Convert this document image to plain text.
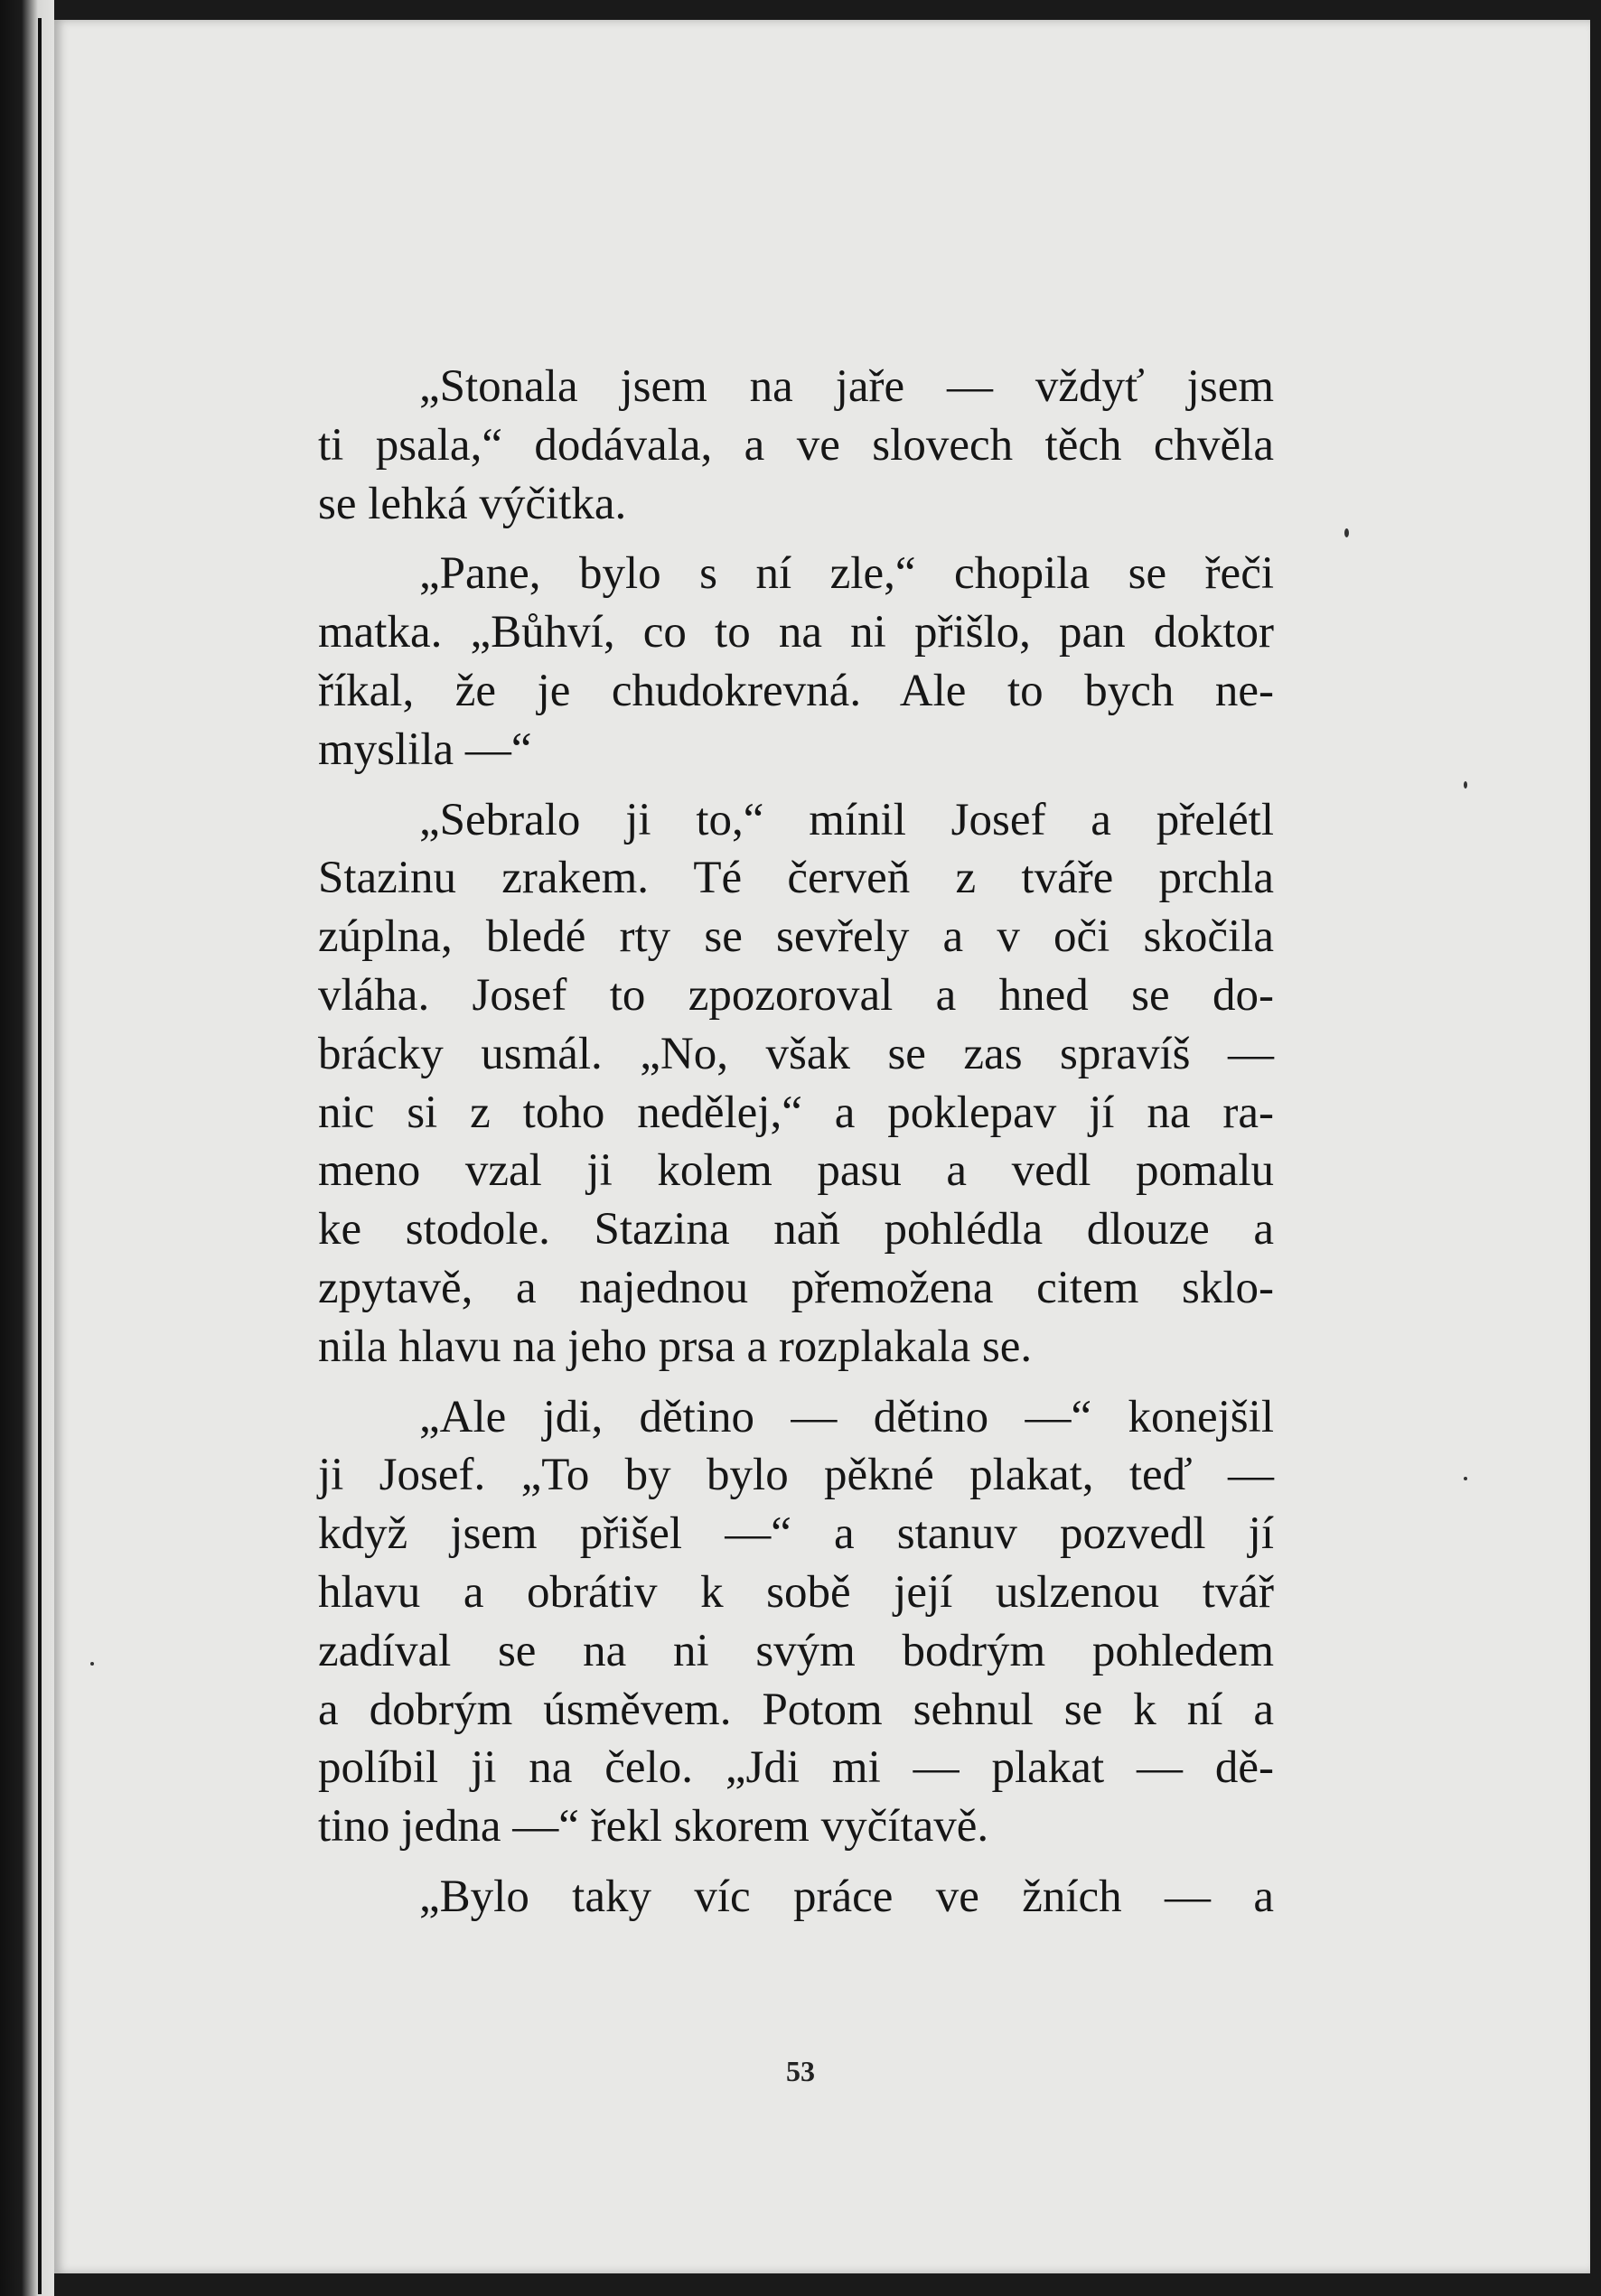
„Stonala jsem na jaře — vždyť jsem
ti psala,“ dodávala, a ve slovech těch chvěla
se lehká výčitka.
„Pane, bylo s ní zle,“ chopila se řeči
matka. „Bůhví, co to na ni přišlo, pan doktor
říkal, že je chudokrevná. Ale to bych ne-
myslila —“
„Sebralo ji to,“ mínil Josef a přelétl
Stazinu zrakem. Té červeň z tváře prchla
zúplna, bledé rty se sevřely a v oči skočila
vláha. Josef to zpozoroval a hned se do-
brácky usmál. „No, však se zas spravíš —
nic si z toho nedělej,“ a poklepav jí na ra-
meno vzal ji kolem pasu a vedl pomalu
ke stodole. Stazina naň pohlédla dlouze a
zpytavě, a najednou přemožena citem sklo-
nila hlavu na jeho prsa a rozplakala se.
„Ale jdi, dětino — dětino —“ konejšil
ji Josef. „To by bylo pěkné plakat, teď —
když jsem přišel —“ a stanuv pozvedl jí
hlavu a obrátiv k sobě její uslzenou tvář
zadíval se na ni svým bodrým pohledem
a dobrým úsměvem. Potom sehnul se k ní a
políbil ji na čelo. „Jdi mi — plakat — dě-
tino jedna —“ řekl skorem vyčítavě.
„Bylo taky víc práce ve žních — a
53
